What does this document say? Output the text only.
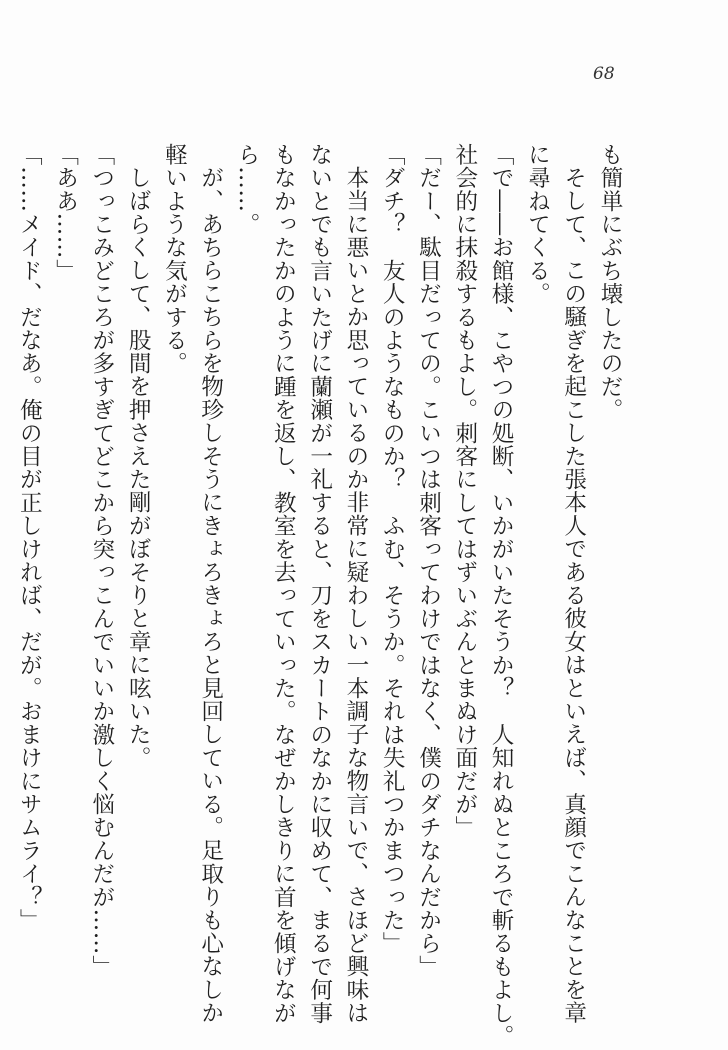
68
も簡単にぶち壊したのだ。
そして、この騒ぎを起こした張本人である彼女はといえば、真顔でこんなことを章
に尋ねてくる。
「で――お館様、こやつの処断、いかがいたそうか？　人知れぬところで斬るもよし。
社会的に抹殺するもよし。刺客にしてはずいぶんとまぬけ面だが」
「だー、駄目だっての。こいつは刺客ってわけではなく、僕のダチなんだから」
「ダチ？　友人のようなものか？　ふむ、そうか。それは失礼つかまつった」
本当に悪いとか思っているのか非常に疑わしい一本調子な物言いで、さほど興味は
ないとでも言いたげに蘭瀬が一礼すると、刀をスカートのなかに収めて、まるで何事
もなかったかのように踵を返し、教室を去っていった。なぜかしきりに首を傾げなが
ら……。
が、あちらこちらを物珍しそうにきょろきょろと見回している。足取りも心なしか
軽いような気がする。
しばらくして、股間を押さえた剛がぼそりと章に呟いた。
「つっこみどころが多すぎてどこから突っこんでいいか激しく悩むんだが……」
「ああ……」
「……メイド、だなあ。俺の目が正しければ、だが。おまけにサムライ？」
